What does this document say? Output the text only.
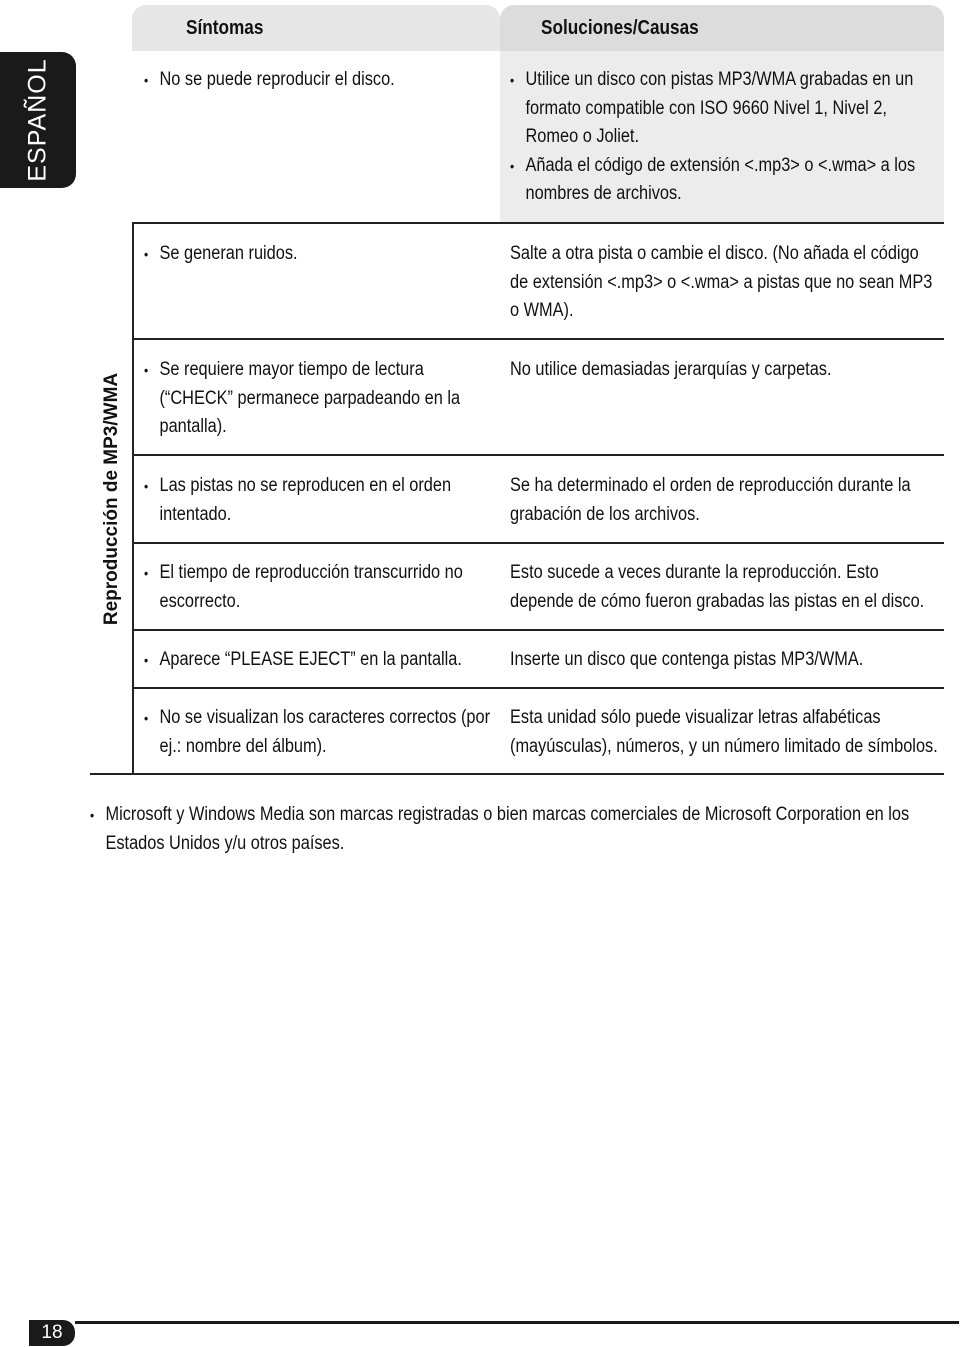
ESPAÑOL
Síntomas	Soluciones/Causas
Reproducción de MP3/WMA
• No se puede reproducir el disco.
•	Utilice un disco con pistas MP3/WMA grabadas en un formato compatible con ISO 9660 Nivel 1, Nivel 2, Romeo o Joliet.
• Añada el código de extensión <.mp3> o <.wma> a los nombres de archivos.
• Se generan ruidos.	Salte a otra pista o cambie el disco. (No añada el código de extensión <.mp3> o <.wma> a pistas que no sean MP3 o WMA).
• Se requiere mayor tiempo de lectura (“CHECK” permanece parpadeando en la pantalla).
No utilice demasiadas jerarquías y carpetas.
• Las pistas no se reproducen en el orden intentado.
Se ha determinado el orden de reproducción durante la grabación de los archivos.
• El tiempo de reproducción transcurrido no escorrecto.
Esto sucede a veces durante la reproducción. Esto depende de cómo fueron grabadas las pistas en el disco.
• Aparece “PLEASE EJECT” en la pantalla.	Inserte un disco que contenga pistas MP3/WMA.
• No se visualizan los caracteres correctos (por ej.: nombre del álbum).
Esta unidad sólo puede visualizar letras alfabéticas (mayúsculas), números, y un número limitado de símbolos.
• Microsoft y Windows Media son marcas registradas o bien marcas comerciales de Microsoft Corporation en los Estados Unidos y/u otros países.
18
